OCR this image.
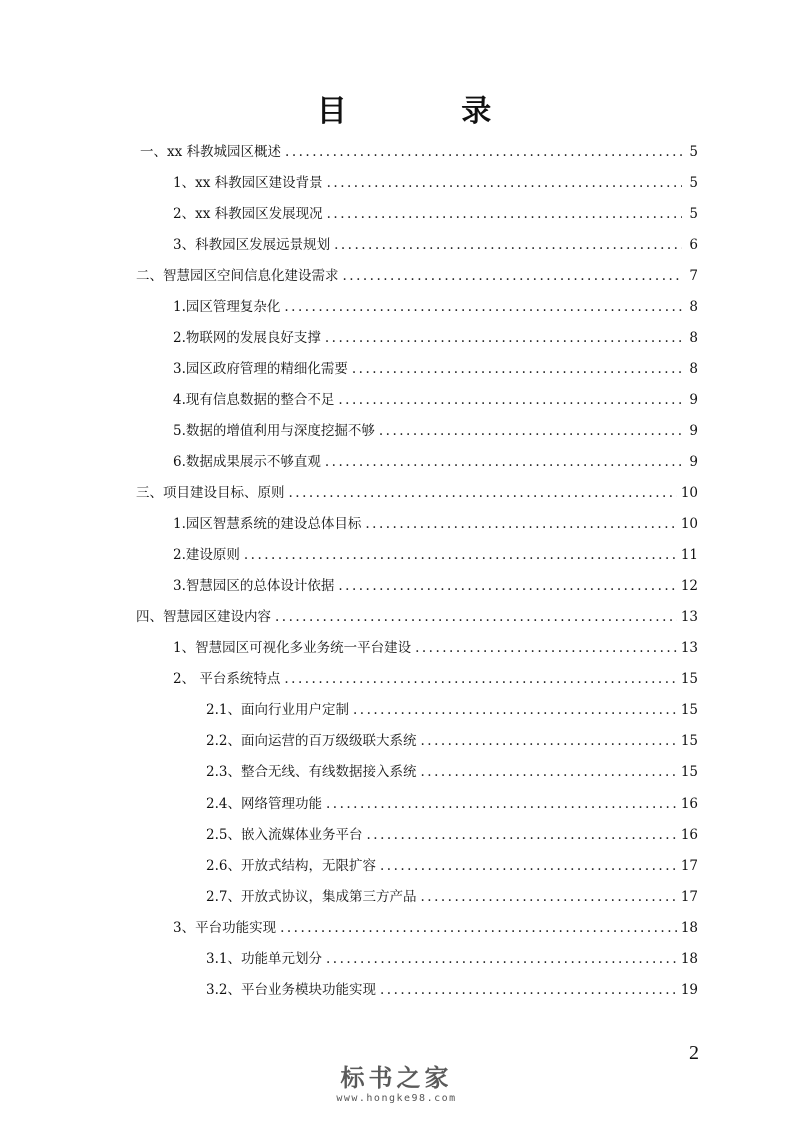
目 录
一、xx 科教城园区概述 .....	5
1、xx 科教园区建设背景 .....	5
2、xx 科教园区发展现况 .....	5
3、科教园区发展远景规划 .....	6
二、智慧园区空间信息化建设需求 .....	7
1.园区管理复杂化 .....	8
2.物联网的发展良好支撑 .....	8
3.园区政府管理的精细化需要 .....	8
4.现有信息数据的整合不足 .....	9
5.数据的增值利用与深度挖掘不够 .....	9
6.数据成果展示不够直观 .....	9
三、项目建设目标、原则 .....	10
1.园区智慧系统的建设总体目标 .....	10
2.建设原则 .....	11
3.智慧园区的总体设计依据 .....	12
四、智慧园区建设内容 .....	13
1、智慧园区可视化多业务统一平台建设 .....	13
2、 平台系统特点 .....	15
2.1、面向行业用户定制 .....	15
2.2、面向运营的百万级级联大系统 .....	15
2.3、整合无线、有线数据接入系统 .....	15
2.4、网络管理功能 .....	16
2.5、嵌入流媒体业务平台 .....	16
2.6、开放式结构，无限扩容 .....	17
2.7、开放式协议，集成第三方产品 .....	17
3、平台功能实现 .....	18
3.1、功能单元划分 .....	18
3.2、平台业务模块功能实现 .....	19
2
标书之家
www.hongke98.com
